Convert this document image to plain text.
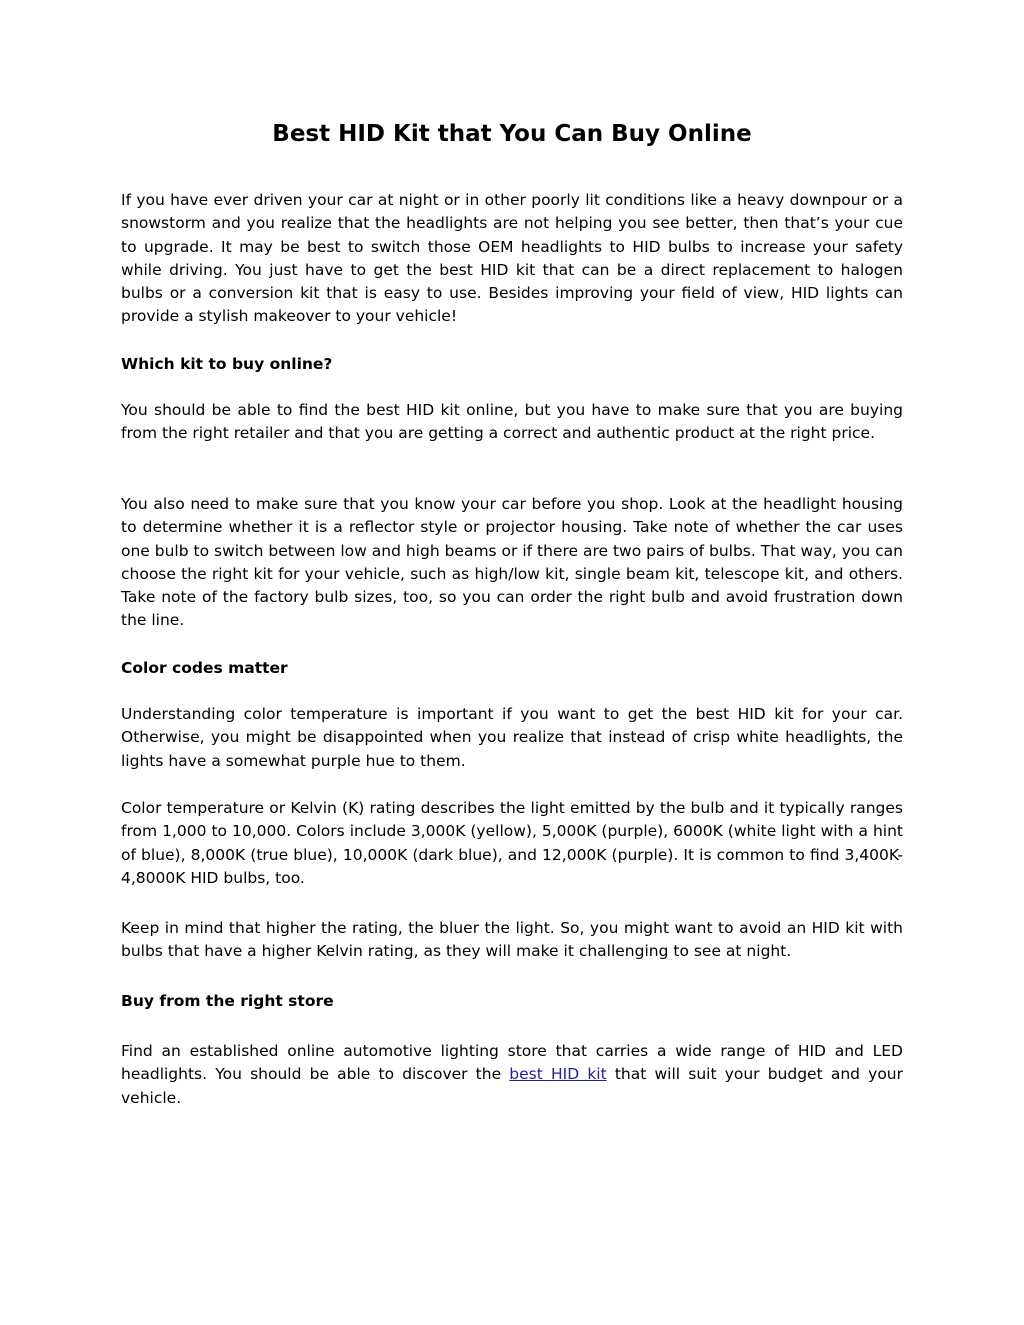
Best HID Kit that You Can Buy Online

If you have ever driven your car at night or in other poorly lit conditions like a heavy downpour or a snowstorm and you realize that the headlights are not helping you see better, then that’s your cue to upgrade. It may be best to switch those OEM headlights to HID bulbs to increase your safety while driving. You just have to get the best HID kit that can be a direct replacement to halogen bulbs or a conversion kit that is easy to use. Besides improving your field of view, HID lights can provide a stylish makeover to your vehicle!

Which kit to buy online?

You should be able to find the best HID kit online, but you have to make sure that you are buying from the right retailer and that you are getting a correct and authentic product at the right price.

You also need to make sure that you know your car before you shop. Look at the headlight housing to determine whether it is a reflector style or projector housing. Take note of whether the car uses one bulb to switch between low and high beams or if there are two pairs of bulbs. That way, you can choose the right kit for your vehicle, such as high/low kit, single beam kit, telescope kit, and others. Take note of the factory bulb sizes, too, so you can order the right bulb and avoid frustration down the line.

Color codes matter

Understanding color temperature is important if you want to get the best HID kit for your car. Otherwise, you might be disappointed when you realize that instead of crisp white headlights, the lights have a somewhat purple hue to them.

Color temperature or Kelvin (K) rating describes the light emitted by the bulb and it typically ranges from 1,000 to 10,000. Colors include 3,000K (yellow), 5,000K (purple), 6000K (white light with a hint of blue), 8,000K (true blue), 10,000K (dark blue), and 12,000K (purple). It is common to find 3,400K-4,8000K HID bulbs, too.

Keep in mind that higher the rating, the bluer the light. So, you might want to avoid an HID kit with bulbs that have a higher Kelvin rating, as they will make it challenging to see at night.

Buy from the right store

Find an established online automotive lighting store that carries a wide range of HID and LED headlights. You should be able to discover the best HID kit that will suit your budget and your vehicle.
